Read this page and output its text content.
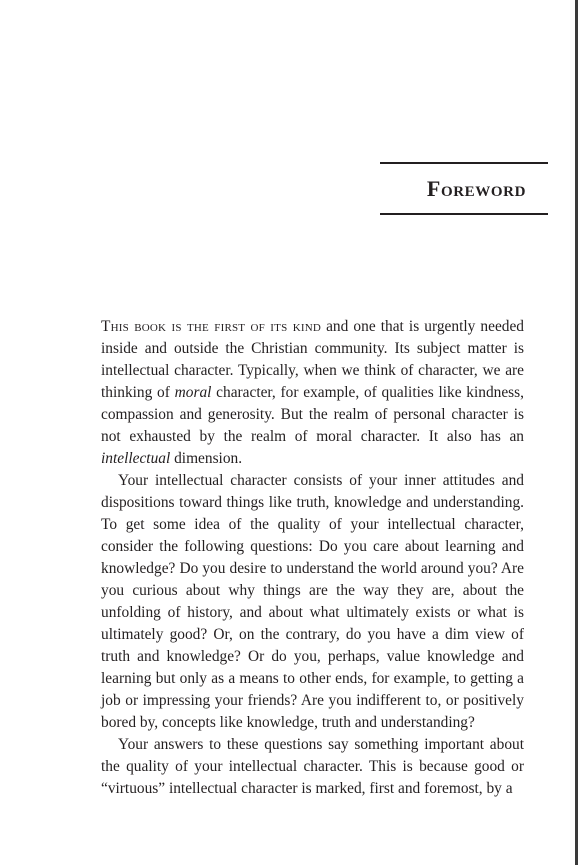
Foreword

This book is the first of its kind and one that is urgently needed inside and outside the Christian community. Its subject matter is intellectual character. Typically, when we think of character, we are thinking of moral character, for example, of qualities like kindness, compassion and generosity. But the realm of personal character is not exhausted by the realm of moral character. It also has an intellectual dimension.

Your intellectual character consists of your inner attitudes and dispositions toward things like truth, knowledge and understanding. To get some idea of the quality of your intellectual character, consider the following questions: Do you care about learning and knowledge? Do you desire to understand the world around you? Are you curious about why things are the way they are, about the unfolding of history, and about what ultimately exists or what is ultimately good? Or, on the contrary, do you have a dim view of truth and knowledge? Or do you, perhaps, value knowledge and learning but only as a means to other ends, for example, to getting a job or impressing your friends? Are you indifferent to, or positively bored by, concepts like knowledge, truth and understanding?

Your answers to these questions say something important about the quality of your intellectual character. This is because good or “virtuous” intellectual character is marked, first and foremost, by a
